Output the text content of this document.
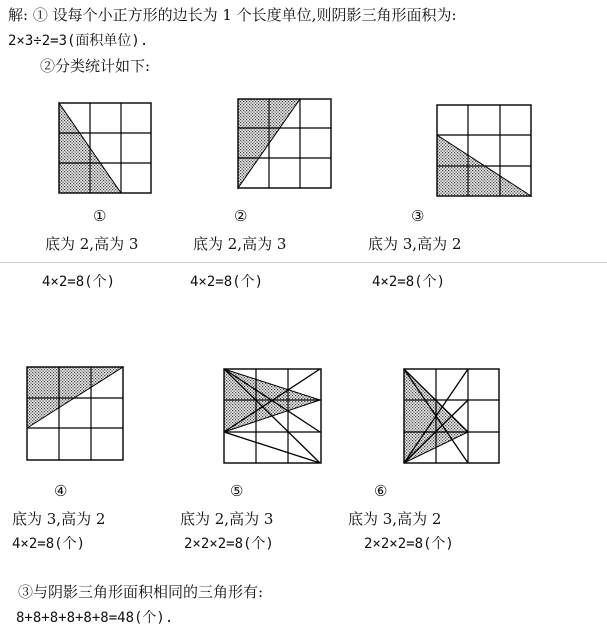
解: ① 设每个小正方形的边长为 1 个长度单位,则阴影三角形面积为:
2×3÷2=3(面积单位).
②分类统计如下:
①	②	③
底为 2,高为 3	底为 2,高为 3	底为 3,高为 2
4×2=8(个)	4×2=8(个)	4×2=8(个)
④	⑤	⑥
底为 3,高为 2	底为 2,高为 3	底为 3,高为 2
4×2=8(个)	2×2×2=8(个)	2×2×2=8(个)
③与阴影三角形面积相同的三角形有:
8+8+8+8+8+8=48(个).
